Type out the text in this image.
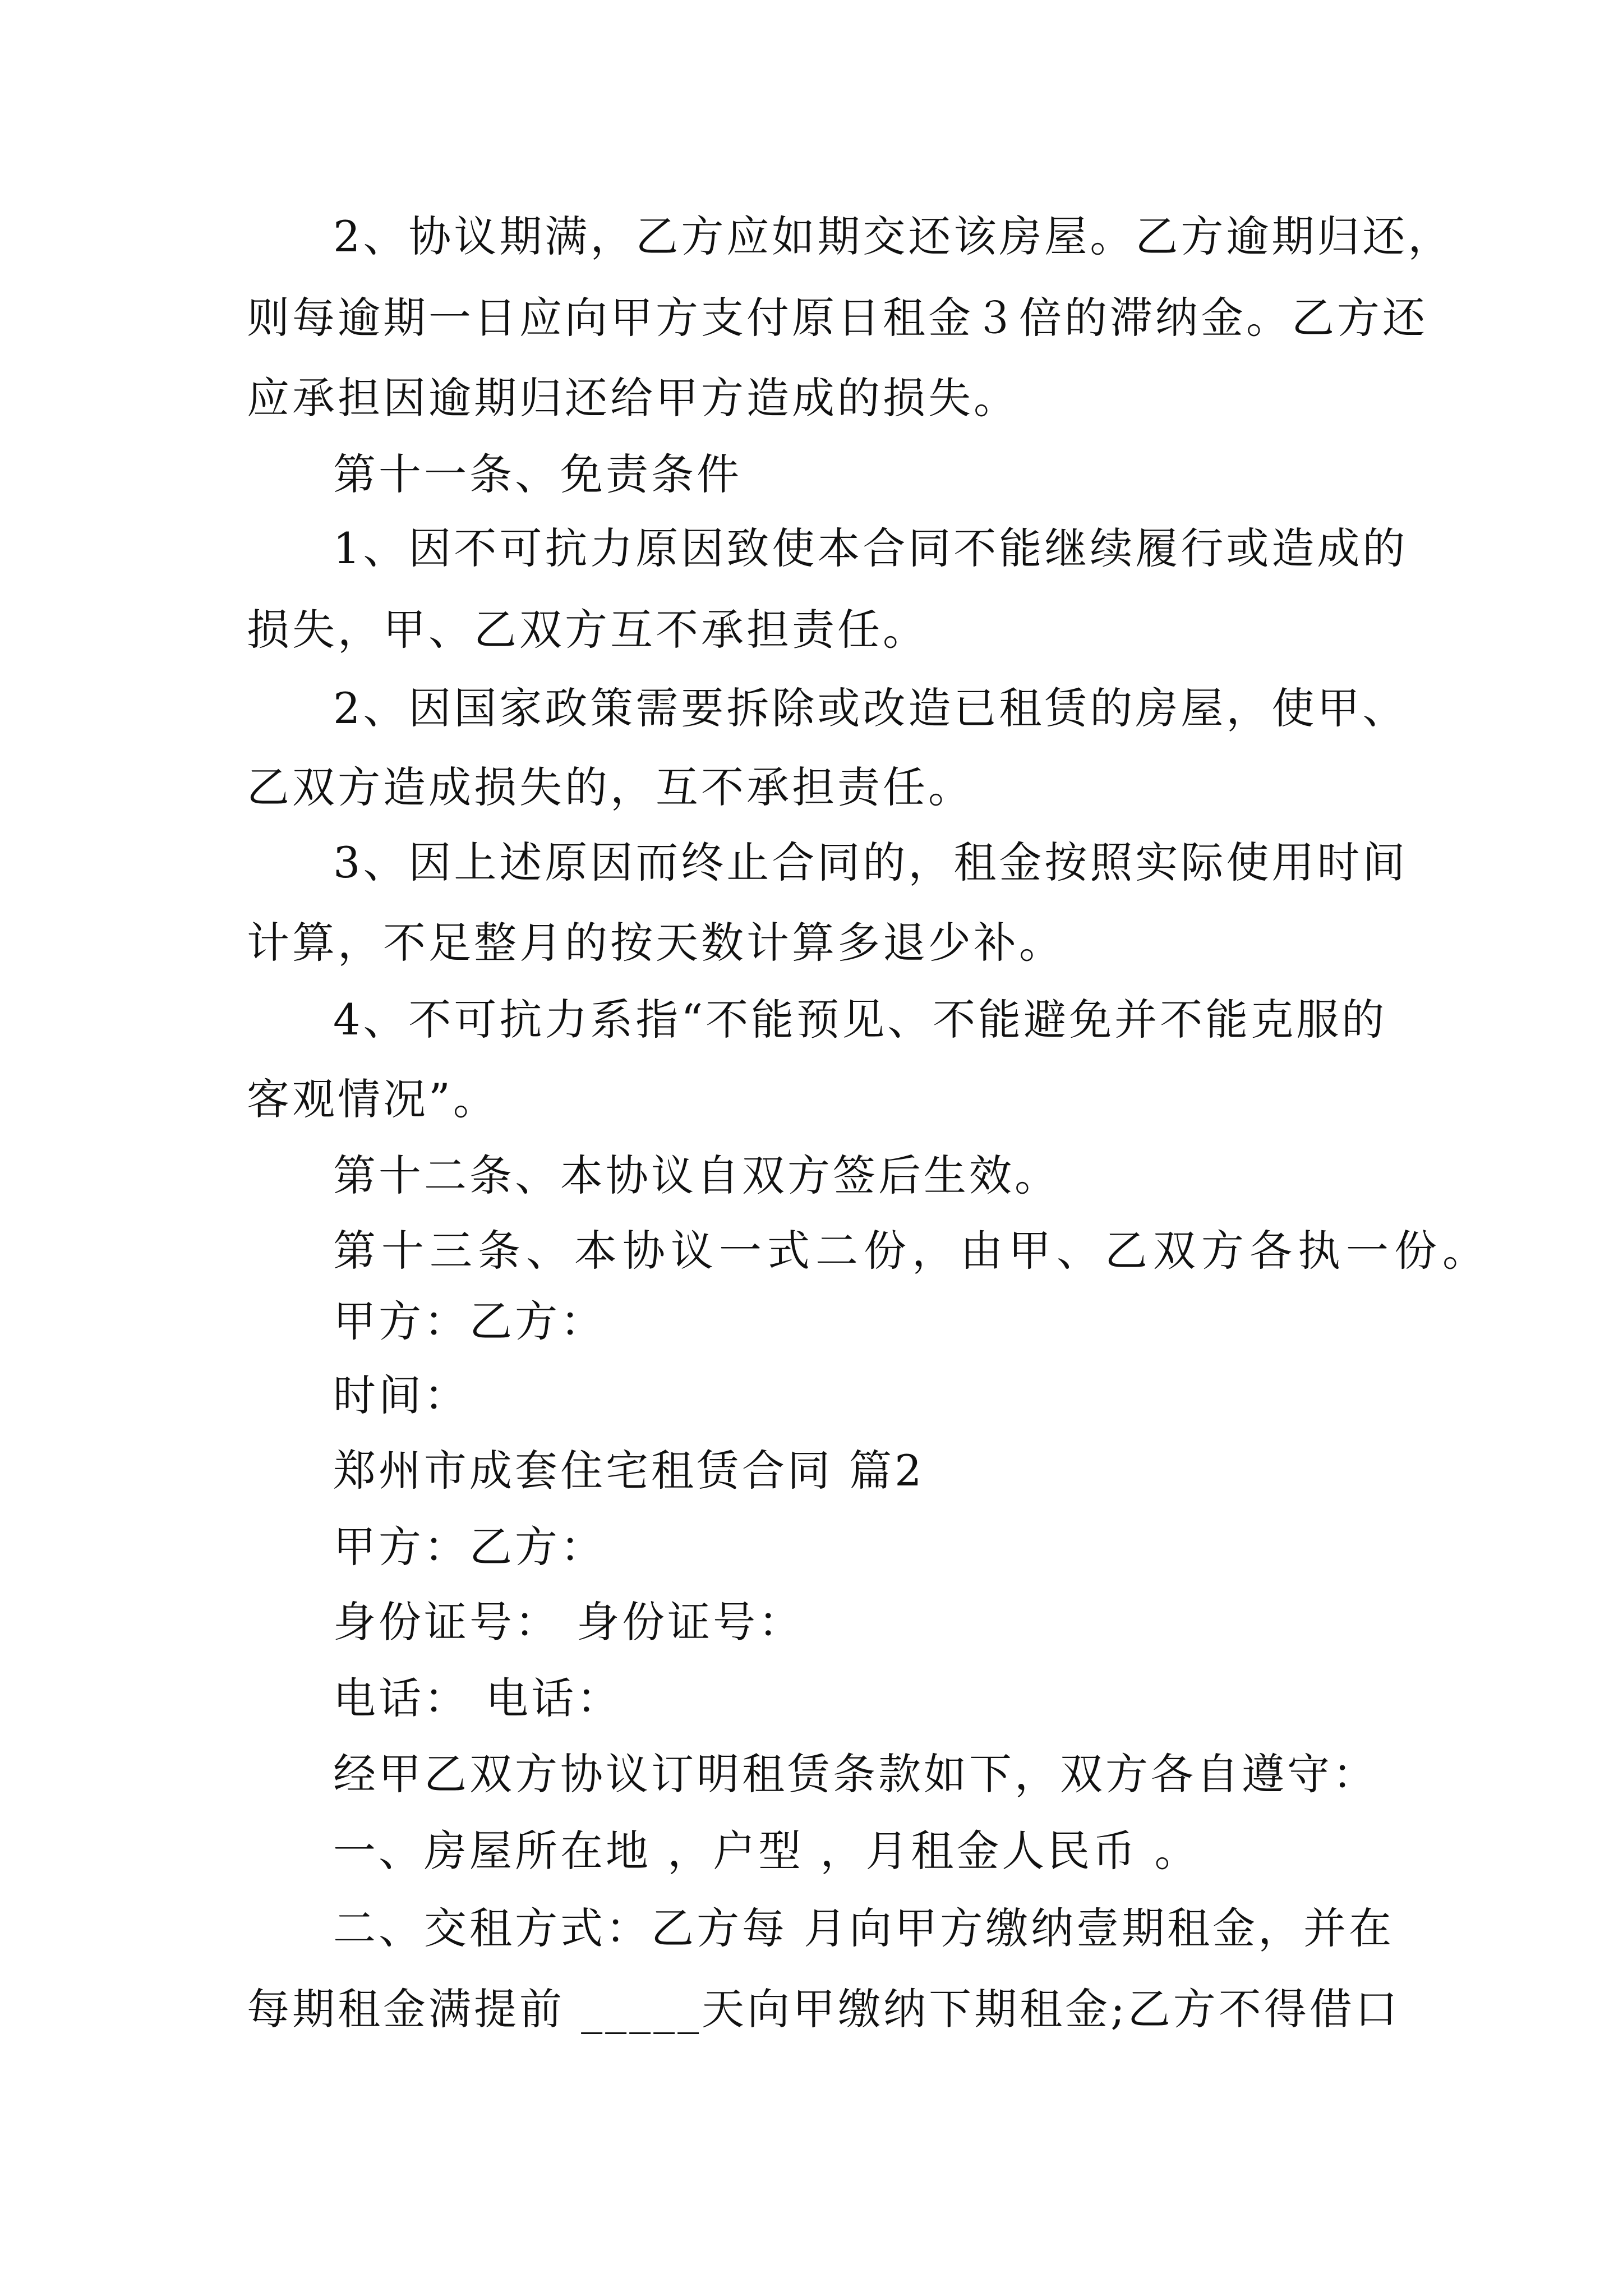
2、协议期满，乙方应如期交还该房屋。乙方逾期归还，
则每逾期一日应向甲方支付原日租金３倍的滞纳金。乙方还
应承担因逾期归还给甲方造成的损失。
第十一条、免责条件
1、因不可抗力原因致使本合同不能继续履行或造成的
损失，甲、乙双方互不承担责任。
2、因国家政策需要拆除或改造已租赁的房屋，使甲、
乙双方造成损失的，互不承担责任。
3、因上述原因而终止合同的，租金按照实际使用时间
计算，不足整月的按天数计算多退少补。
4、不可抗力系指“不能预见、不能避免并不能克服的
客观情况”。
第十二条、本协议自双方签后生效。
第十三条、本协议一式二份，由甲、乙双方各执一份。
甲方：乙方：
时间：
郑州市成套住宅租赁合同 篇2
甲方：乙方：
身份证号： 身份证号：
电话： 电话：
经甲乙双方协议订明租赁条款如下，双方各自遵守：
一、房屋所在地 ，户型 ，月租金人民币 。
二、交租方式：乙方每 月向甲方缴纳壹期租金，并在
每期租金满提前 _____天向甲缴纳下期租金;乙方不得借口
